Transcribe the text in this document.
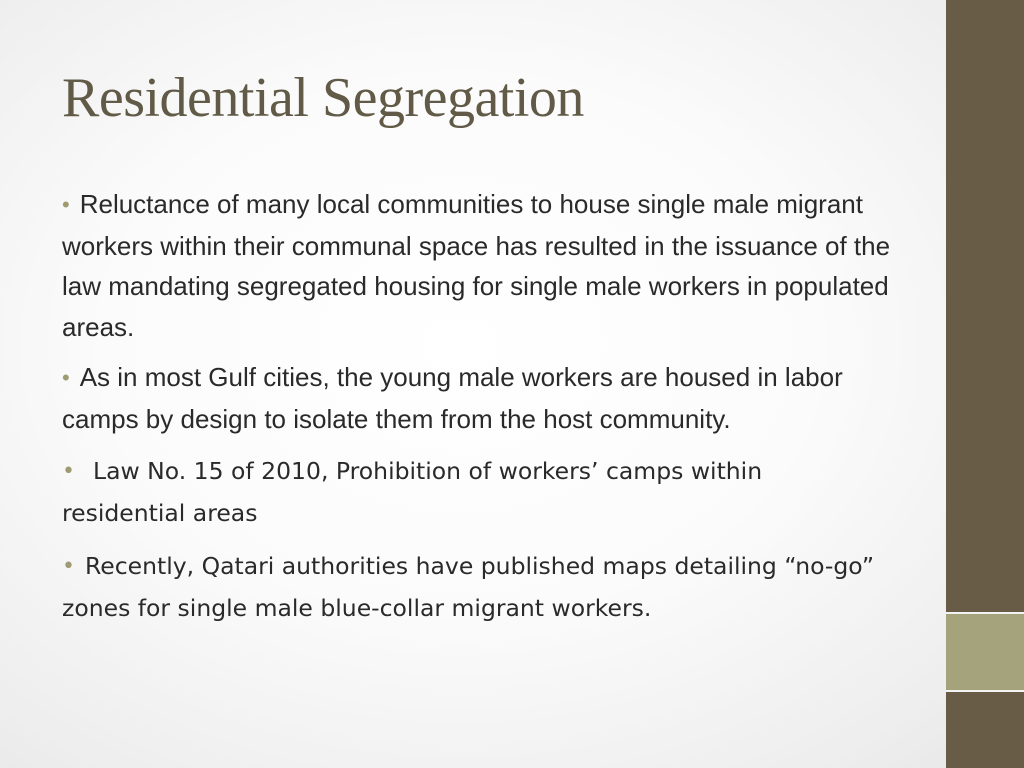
Residential Segregation
• Reluctance of many local communities to house single male migrant workers within their communal space has resulted in the issuance of the law mandating segregated housing for single male workers in populated areas.
• As in most Gulf cities, the young male workers are housed in labor camps by design to isolate them from the host community.
• Law No. 15 of 2010, Prohibition of workers’ camps within residential areas
• Recently, Qatari authorities have published maps detailing “no-go” zones for single male blue-collar migrant workers.
